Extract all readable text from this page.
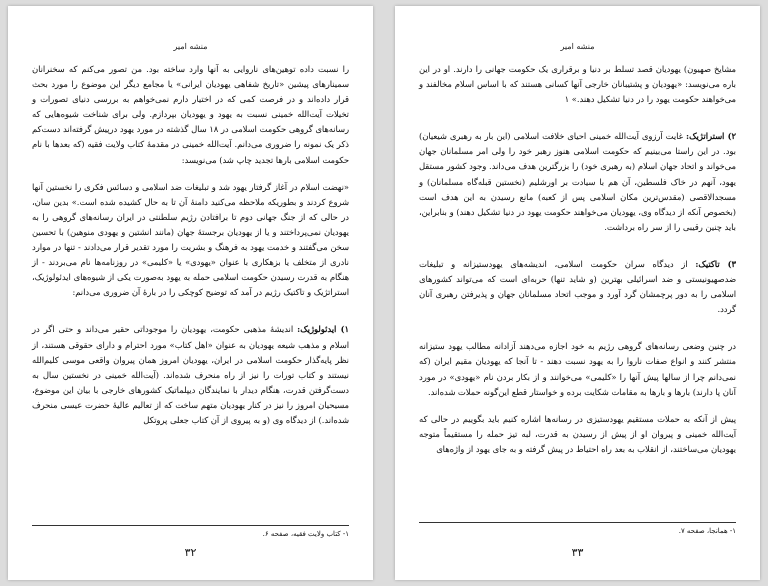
منشه امیر

را نسبت داده توهین‌های ناروایی به آنها وارد ساخته بود. من تصور می‌کنم که سخنرانان سمینارهای پیشین «تاریخ شفاهی یهودیان ایرانی» یا مجامع دیگر این موضوع را مورد بحث قرار داده‌اند و در فرصت کمی که در اختیار دارم نمی‌خواهم به بررسی دنیای تصورات و تخیلات آیت‌الله خمینی نسبت به یهود و یهودیان بپردازم. ولی برای شناخت شیوه‌هایی که رسانه‌های گروهی حکومت اسلامی در ۱۸ سال گذشته در مورد یهود درپیش گرفته‌اند دست‌کم ذکر یک نمونه را ضروری می‌دانم. آیت‌الله خمینی در مقدمهٔ کتاب ولایت فقیه (که بعدها با نام حکومت اسلامی بارها تجدید چاپ شد) می‌نویسد:

«نهضت اسلام در آغاز گرفتار یهود شد و تبلیغات ضد اسلامی و دسائس فکری را نخستین آنها شروع کردند و بطوریکه ملاحظه می‌کنید دامنهٔ آن تا به حال کشیده شده است.» بدین سان، در حالی که از جنگ جهانی دوم تا برافتادن رژیم سلطنتی در ایران رسانه‌های گروهی را به یهودیان نمی‌پرداختند و یا از یهودیان برجستهٔ جهان (مانند انشتین و یهودی منوهین) با تحسین سخن می‌گفتند و خدمت یهود به فرهنگ و بشریت را مورد تقدیر قرار می‌دادند - تنها در موارد نادری از متخلف یا بزهکاری با عنوان «یهودی» یا «کلیمی» در روزنامه‌ها نام می‌بردند - از هنگام به قدرت رسیدن حکومت اسلامی حمله به یهود به‌صورت یکی از شیوه‌های ایدئولوژیک، استراتژیک و تاکتیک رژیم در آمد که توضیح کوچکی را در بارهٔ آن ضروری می‌دانم:

۱) ایدئولوژیک: اندیشهٔ مذهبی حکومت، یهودیان را موجوداتی حقیر می‌داند و حتی اگر در اسلام و مذهب شیعه یهودیان به عنوان «اهل کتاب» مورد احترام و دارای حقوقی هستند، از نظر پایه‌گذار حکومت اسلامی در ایران، یهودیان امروز همان پیروان واقعی موسی کلیم‌الله نیستند و کتاب تورات را نیز از راه منحرف شده‌اند. (آیت‌الله خمینی در نخستین سال به دست‌گرفتن قدرت، هنگام دیدار با نمایندگان دیپلماتیک کشورهای خارجی با بیان این موضوع، مسیحیان امروز را نیز در کنار یهودیان متهم ساخت که از تعالیم عالیهٔ حضرت عیسی منحرف شده‌اند.) از دیدگاه وی (و به پیروی از آن کتاب جعلی پروتکل

۱- کتاب ولایت فقیه، صفحه ۶.
۳۲
منشه امیر

مشایخ صهیون) یهودیان قصد تسلط بر دنیا و برقراری یک حکومت جهانی را دارند. او در این باره می‌نویسد: «یهودیان و پشتیبانان خارجی آنها کسانی هستند که با اساس اسلام مخالفند و می‌خواهند حکومت یهود را در دنیا تشکیل دهند.» ۱

۲) استراتژیک: غایت آرزوی آیت‌الله خمینی احیای خلافت اسلامی (این بار به رهبری شیعیان) بود. در این راستا می‌بینیم که حکومت اسلامی هنوز رهبر خود را ولی امر مسلمانان جهان می‌خواند و اتحاد جهان اسلام (به رهبری خود) را بزرگترین هدف می‌داند. وجود کشور مستقل یهود، آنهم در خاک فلسطین، آن هم با سیادت بر اورشلیم (نخستین قبله‌گاه مسلمانان) و مسجدالاقصی (مقدس‌ترین مکان اسلامی پس از کعبه) مانع رسیدن به این هدف است (بخصوص آنکه از دیدگاه وی، یهودیان می‌خواهند حکومت یهود در دنیا تشکیل دهند) و بنابراین، باید چنین رقیبی را از سر راه برداشت.

۳) تاکتیک: از دیدگاه سران حکومت اسلامی، اندیشه‌های یهودستیزانه و تبلیغات ضدصهیونیستی و ضد اسرائیلی بهترین (و شاید تنها) حربه‌ای است که می‌تواند کشورهای اسلامی را به دور پرچمشان گرد آورد و موجب اتحاد مسلمانان جهان و پذیرفتن رهبری آنان گردد.

در چنین وضعی رسانه‌های گروهی رژیم به خود اجازه می‌دهند آزادانه مطالب یهود ستیزانه منتشر کنند و انواع صفات ناروا را به یهود نسبت دهند - تا آنجا که یهودیان مقیم ایران (که نمی‌دانم چرا از سالها پیش آنها را «کلیمی» می‌خوانند و از بکار بردن نام «یهودی» در مورد آنان پا دارند) بارها و بارها به مقامات شکایت برده و خواستار قطع این‌گونه حملات شده‌اند.

پیش از آنکه به حملات مستقیم یهودستیزی در رسانه‌ها اشاره کنیم باید بگوییم در حالی که آیت‌الله خمینی و پیروان او از پیش از رسیدن به قدرت، لبه تیز حمله را مستقیماً متوجه یهودیان می‌ساختند، از انقلاب به بعد راه احتیاط در پیش گرفته و به جای یهود از واژه‌های

۱- همانجا، صفحه ۷.
۳۳
